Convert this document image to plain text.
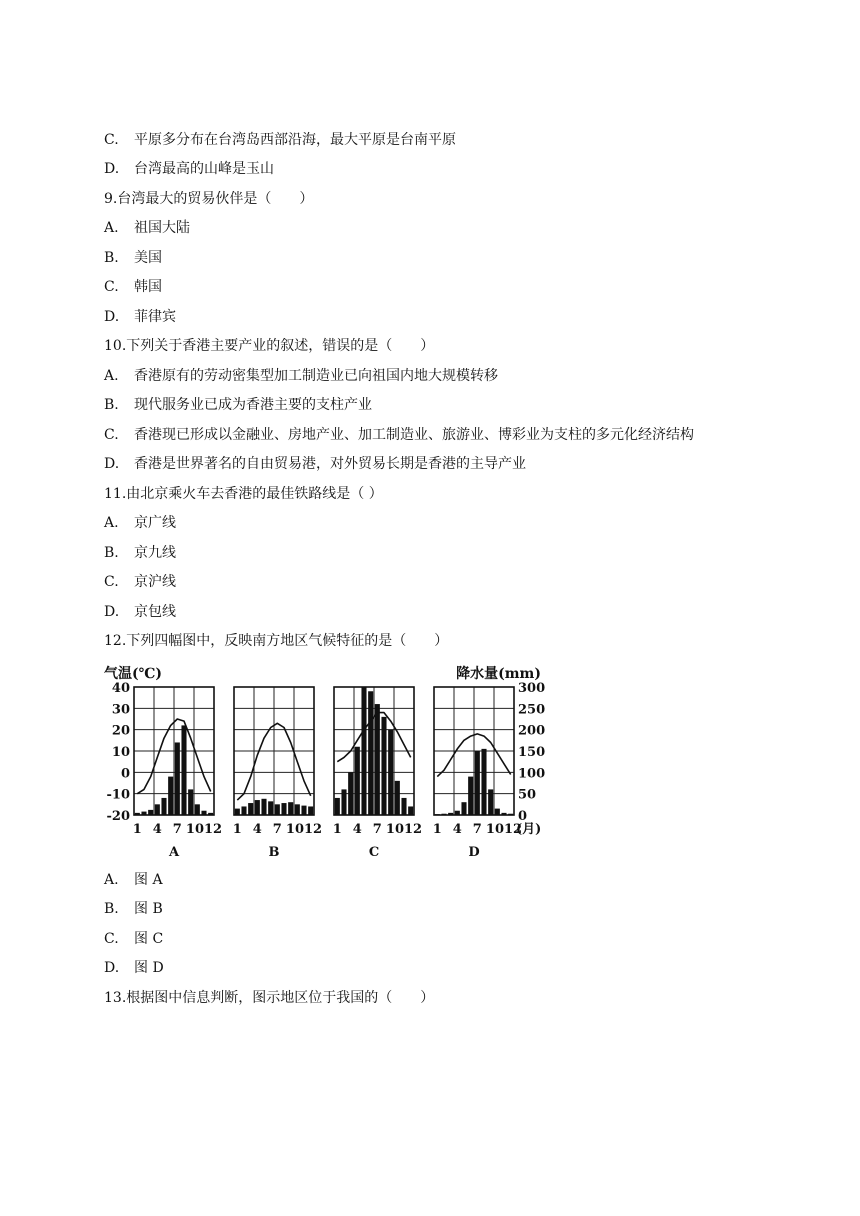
C. 平原多分布在台湾岛西部沿海，最大平原是台南平原
D. 台湾最高的山峰是玉山
9.台湾最大的贸易伙伴是（　　）
A. 祖国大陆
B. 美国
C. 韩国
D. 菲律宾
10.下列关于香港主要产业的叙述，错误的是（　　）
A. 香港原有的劳动密集型加工制造业已向祖国内地大规模转移
B. 现代服务业已成为香港主要的支柱产业
C. 香港现已形成以金融业、房地产业、加工制造业、旅游业、博彩业为支柱的多元化经济结构
D. 香港是世界著名的自由贸易港，对外贸易长期是香港的主导产业
11.由北京乘火车去香港的最佳铁路线是（ ）
A. 京广线
B. 京九线
C. 京沪线
D. 京包线
12.下列四幅图中，反映南方地区气候特征的是（　　）
气温(℃)	降水量(mm)
40
30
20
10
0
-10
-20
300
250
200
150
100
50
0
1 4 7 1012
A
1 4 7 1012
B
1 4 7 1012
C
1 4 7 1012
D
(月)
A. 图 A
B. 图 B
C. 图 C
D. 图 D
13.根据图中信息判断，图示地区位于我国的（　　）
